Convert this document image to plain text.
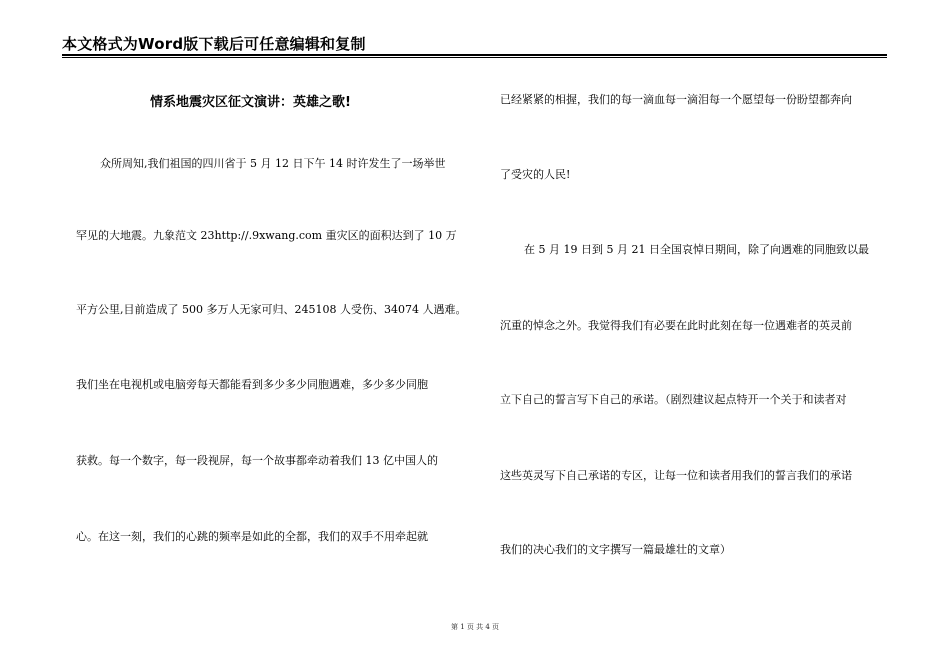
本文格式为Word版下载后可任意编辑和复制
情系地震灾区征文演讲：英雄之歌!
众所周知,我们祖国的四川省于 5 月 12 日下午 14 时许发生了一场举世
罕见的大地震。九象范文 23http://.9xwang.com 重灾区的面积达到了 10 万
平方公里,目前造成了 500 多万人无家可归、245108 人受伤、34074 人遇难。
我们坐在电视机或电脑旁每天都能看到多少多少同胞遇难，多少多少同胞
获救。每一个数字，每一段视屏，每一个故事都牵动着我们 13 亿中国人的
心。在这一刻，我们的心跳的频率是如此的全都，我们的双手不用牵起就
已经紧紧的相握，我们的每一滴血每一滴泪每一个愿望每一份盼望都奔向
了受灾的人民!
在 5 月 19 日到 5 月 21 日全国哀悼日期间，除了向遇难的同胞致以最
沉重的悼念之外。我觉得我们有必要在此时此刻在每一位遇难者的英灵前
立下自己的誓言写下自己的承诺。（剧烈建议起点特开一个关于和读者对
这些英灵写下自己承诺的专区，让每一位和读者用我们的誓言我们的承诺
我们的决心我们的文字撰写一篇最雄壮的文章）
第 1 页 共 4 页
